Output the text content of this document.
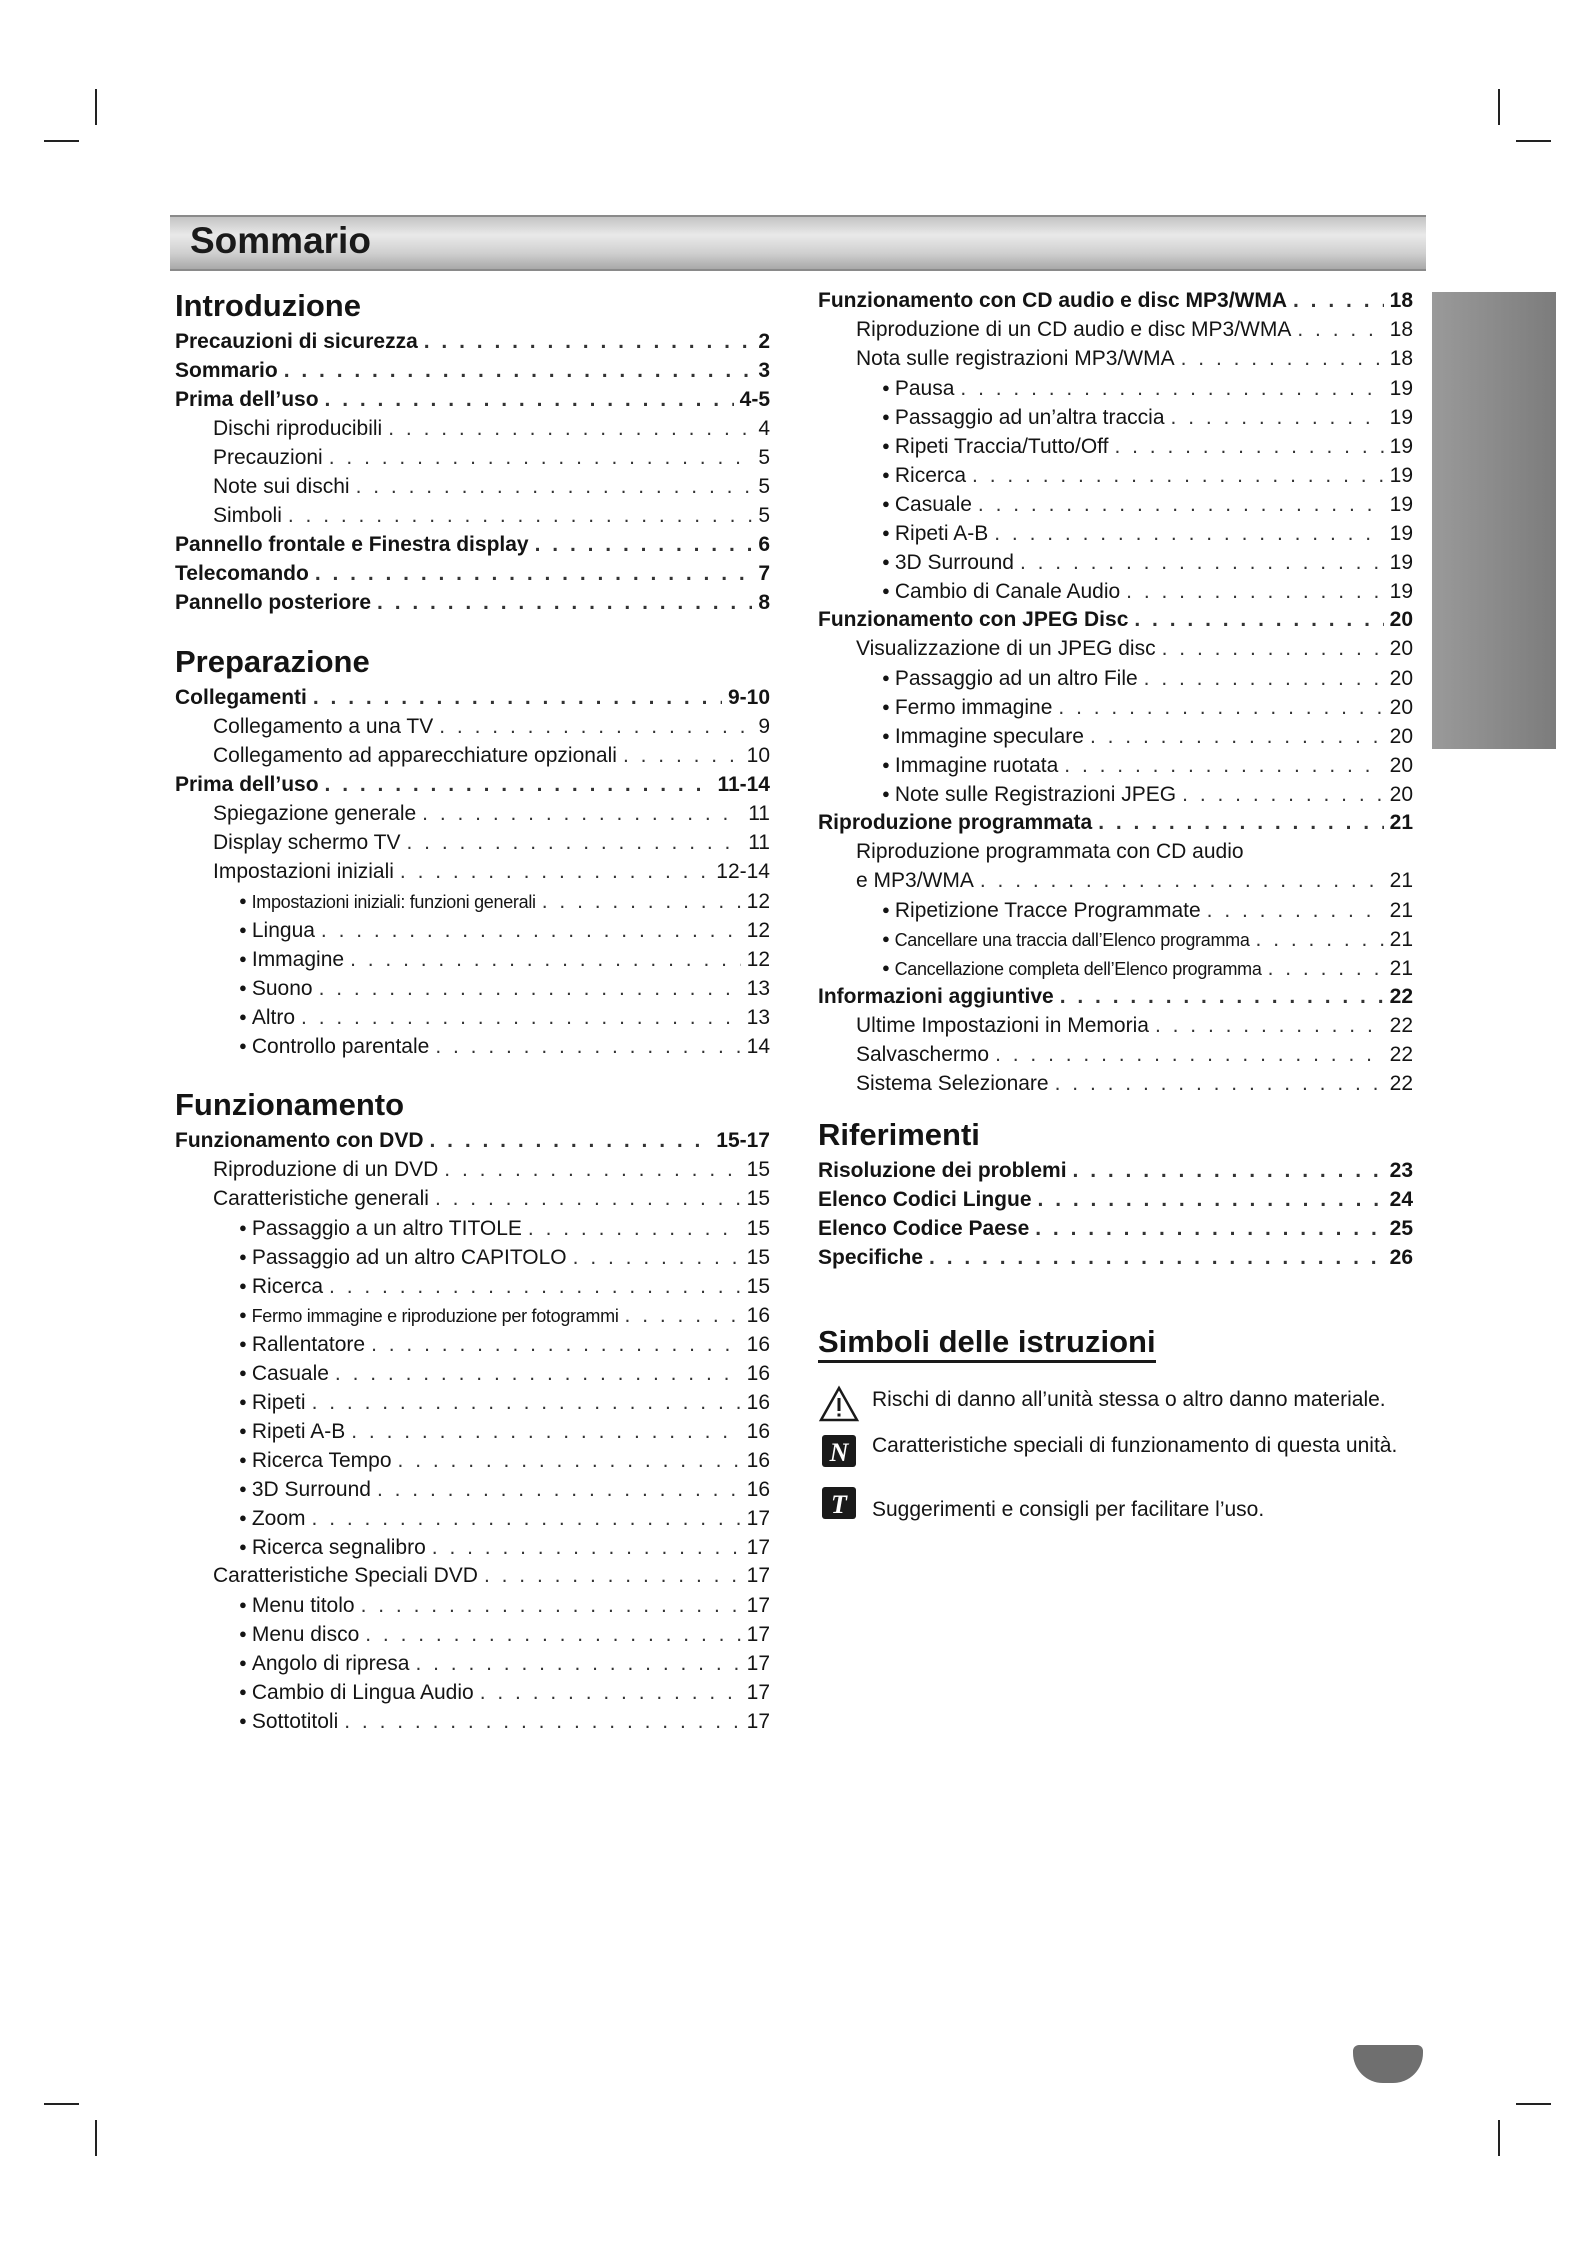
Sommario
Introduzione
Precauzioni di sicurezza . . .	2
Sommario . . .	3
Prima dell’uso . . .	4-5
Dischi riproducibili . . .	4
Precauzioni . . .	5
Note sui dischi . . .	5
Simboli . . .	5
Pannello frontale e Finestra display . . .	6
Telecomando . . .	7
Pannello posteriore . . .	8
Preparazione
Collegamenti . . .	9-10
Collegamento a una TV . . .	9
Collegamento ad apparecchiature opzionali . . .	10
Prima dell’uso . . .	11-14
Spiegazione generale . . .	11
Display schermo TV . . .	11
Impostazioni iniziali . . .	12-14
● Impostazioni iniziali: funzioni generali . . .	12
● Lingua . . .	12
● Immagine . . .	12
● Suono . . .	13
● Altro . . .	13
● Controllo parentale . . .	14
Funzionamento
Funzionamento con DVD . . .	15-17
Riproduzione di un DVD . . .	15
Caratteristiche generali . . .	15
● Passaggio a un altro TITOLE . . .	15
● Passaggio ad un altro CAPITOLO . . .	15
● Ricerca . . .	15
● Fermo immagine e riproduzione per fotogrammi . . .	16
● Rallentatore . . .	16
● Casuale . . .	16
● Ripeti . . .	16
● Ripeti A-B . . .	16
● Ricerca Tempo . . .	16
● 3D Surround . . .	16
● Zoom . . .	17
● Ricerca segnalibro . . .	17
Caratteristiche Speciali DVD . . .	17
● Menu titolo . . .	17
● Menu disco . . .	17
● Angolo di ripresa . . .	17
● Cambio di Lingua Audio . . .	17
● Sottotitoli . . .	17
Funzionamento con CD audio e disc MP3/WMA . . .	18
Riproduzione di un CD audio e disc MP3/WMA . . .	18
Nota sulle registrazioni MP3/WMA . . .	18
● Pausa . . .	19
● Passaggio ad un’altra traccia . . .	19
● Ripeti Traccia/Tutto/Off . . .	19
● Ricerca . . .	19
● Casuale . . .	19
● Ripeti A-B . . .	19
● 3D Surround . . .	19
● Cambio di Canale Audio . . .	19
Funzionamento con JPEG Disc . . .	20
Visualizzazione di un JPEG disc . . .	20
● Passaggio ad un altro File . . .	20
● Fermo immagine . . .	20
● Immagine speculare . . .	20
● Immagine ruotata . . .	20
● Note sulle Registrazioni JPEG . . .	20
Riproduzione programmata . . .	21
Riproduzione programmata con CD audio
e MP3/WMA . . .	21
● Ripetizione Tracce Programmate . . .	21
● Cancellare una traccia dall’Elenco programma . . .	21
● Cancellazione completa dell’Elenco programma . . .	21
Informazioni aggiuntive . . .	22
Ultime Impostazioni in Memoria . . .	22
Salvaschermo . . .	22
Sistema Selezionare . . .	22
Riferimenti
Risoluzione dei problemi . . .	23
Elenco Codici Lingue . . .	24
Elenco Codice Paese . . .	25
Specifiche . . .	26
Simboli delle istruzioni
Rischi di danno all’unità stessa o altro danno materiale.
N Caratteristiche speciali di funzionamento di questa unità.
T Suggerimenti e consigli per facilitare l’uso.
